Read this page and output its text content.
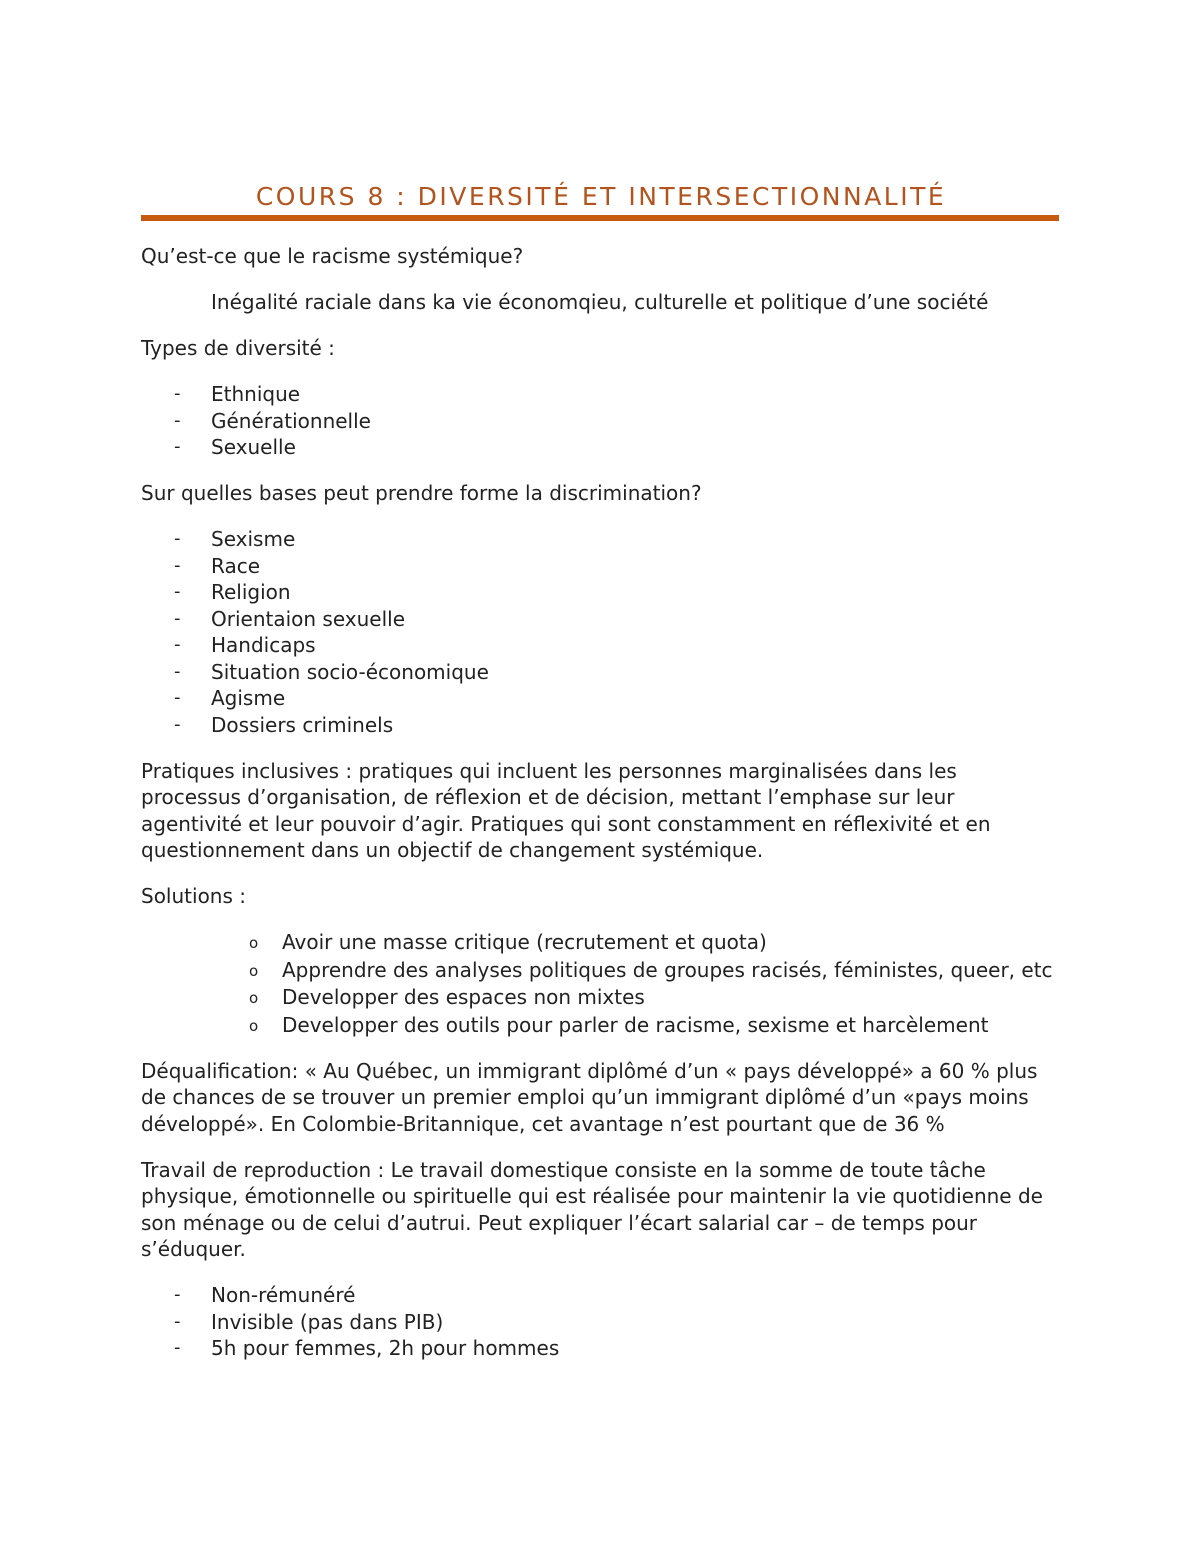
COURS 8 : DIVERSITÉ ET INTERSECTIONNALITÉ

Qu’est-ce que le racisme systémique?

Inégalité raciale dans ka vie économqieu, culturelle et politique d’une société

Types de diversité :

- Ethnique
- Générationnelle
- Sexuelle

Sur quelles bases peut prendre forme la discrimination?

- Sexisme
- Race
- Religion
- Orientaion sexuelle
- Handicaps
- Situation socio-économique
- Agisme
- Dossiers criminels

Pratiques inclusives : pratiques qui incluent les personnes marginalisées dans les processus d’organisation, de réflexion et de décision, mettant l’emphase sur leur agentivité et leur pouvoir d’agir. Pratiques qui sont constamment en réflexivité et en questionnement dans un objectif de changement systémique.

Solutions :

o Avoir une masse critique (recrutement et quota)
o Apprendre des analyses politiques de groupes racisés, féministes, queer, etc
o Developper des espaces non mixtes
o Developper des outils pour parler de racisme, sexisme et harcèlement

Déqualification: « Au Québec, un immigrant diplômé d’un « pays développé» a 60 % plus de chances de se trouver un premier emploi qu’un immigrant diplômé d’un «pays moins développé». En Colombie-Britannique, cet avantage n’est pourtant que de 36 %

Travail de reproduction : Le travail domestique consiste en la somme de toute tâche physique, émotionnelle ou spirituelle qui est réalisée pour maintenir la vie quotidienne de son ménage ou de celui d’autrui. Peut expliquer l’écart salarial car – de temps pour s’éduquer.

- Non-rémunéré
- Invisible (pas dans PIB)
- 5h pour femmes, 2h pour hommes
